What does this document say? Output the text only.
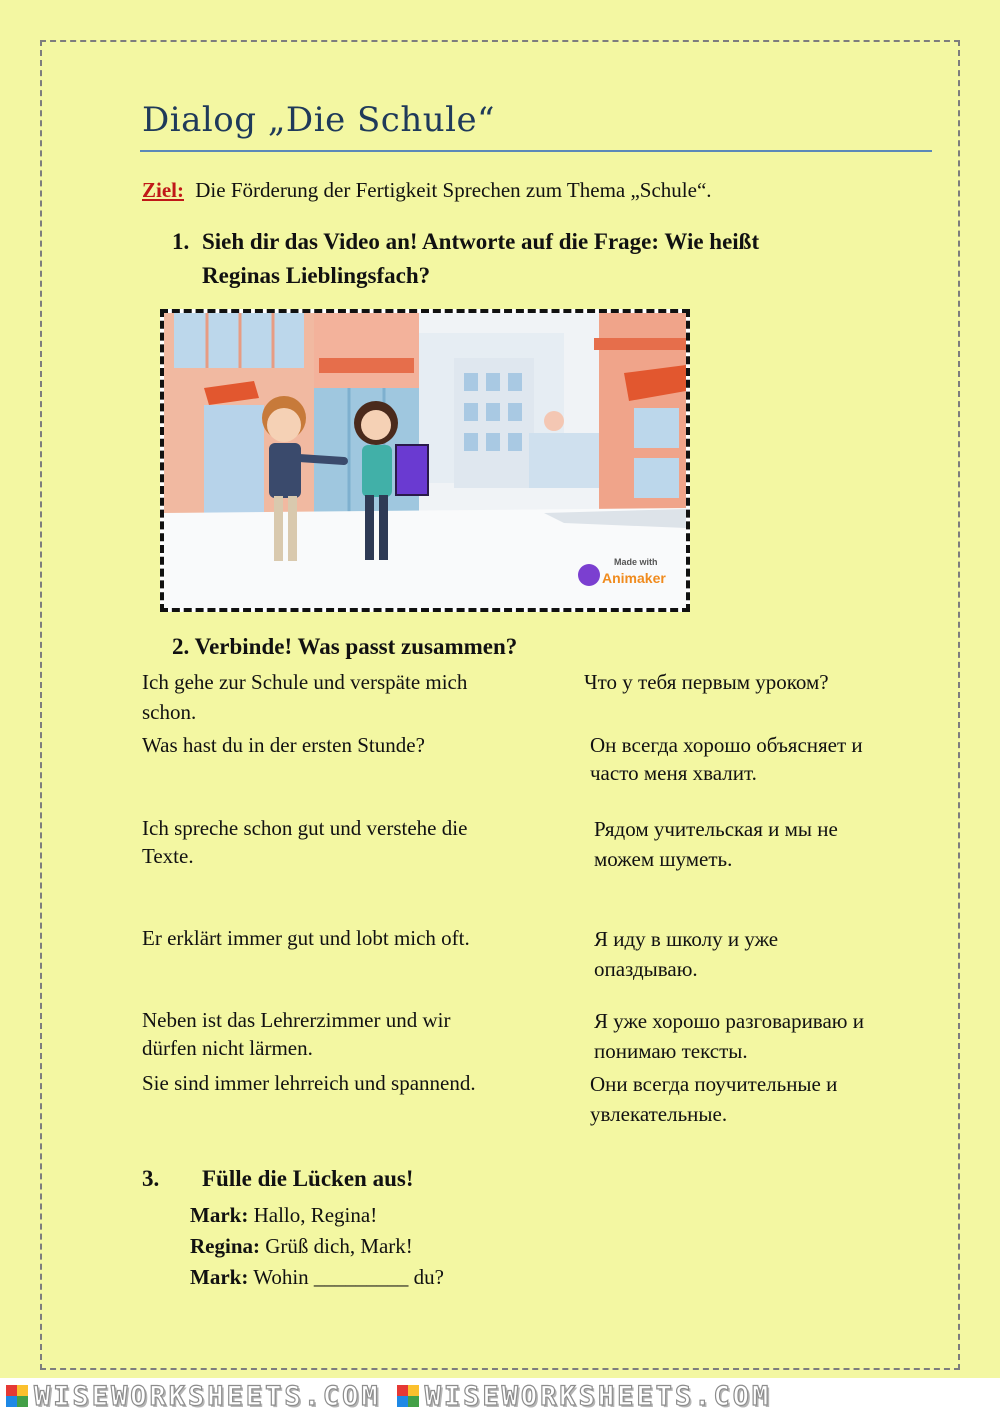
Dialog „Die Schule“
Ziel: Die Förderung der Fertigkeit Sprechen zum Thema „Schule“.
1. Sieh dir das Video an! Antworte auf die Frage: Wie heißt
Reginas Lieblingsfach?
Made with
Animaker
2. Verbinde! Was passt zusammen?
Ich gehe zur Schule und verspäte mich schon.
Was hast du in der ersten Stunde?
Ich spreche schon gut und verstehe die Texte.
Er erklärt immer gut und lobt mich oft.
Neben ist das Lehrerzimmer und wir dürfen nicht lärmen.
Sie sind immer lehrreich und spannend.
Что у тебя первым уроком?
Он всегда хорошо объясняет и часто меня хвалит.
Рядом учительская и мы не можем шуметь.
Я иду в школу и уже опаздываю.
Я уже хорошо разговариваю и понимаю тексты.
Они всегда поучительные и увлекательные.
3. Fülle die Lücken aus!
Mark: Hallo, Regina!
Regina: Grüß dich, Mark!
Mark: Wohin _________ du?
WISEWORKSHEETS.COM WISEWORKSHEETS.COM
